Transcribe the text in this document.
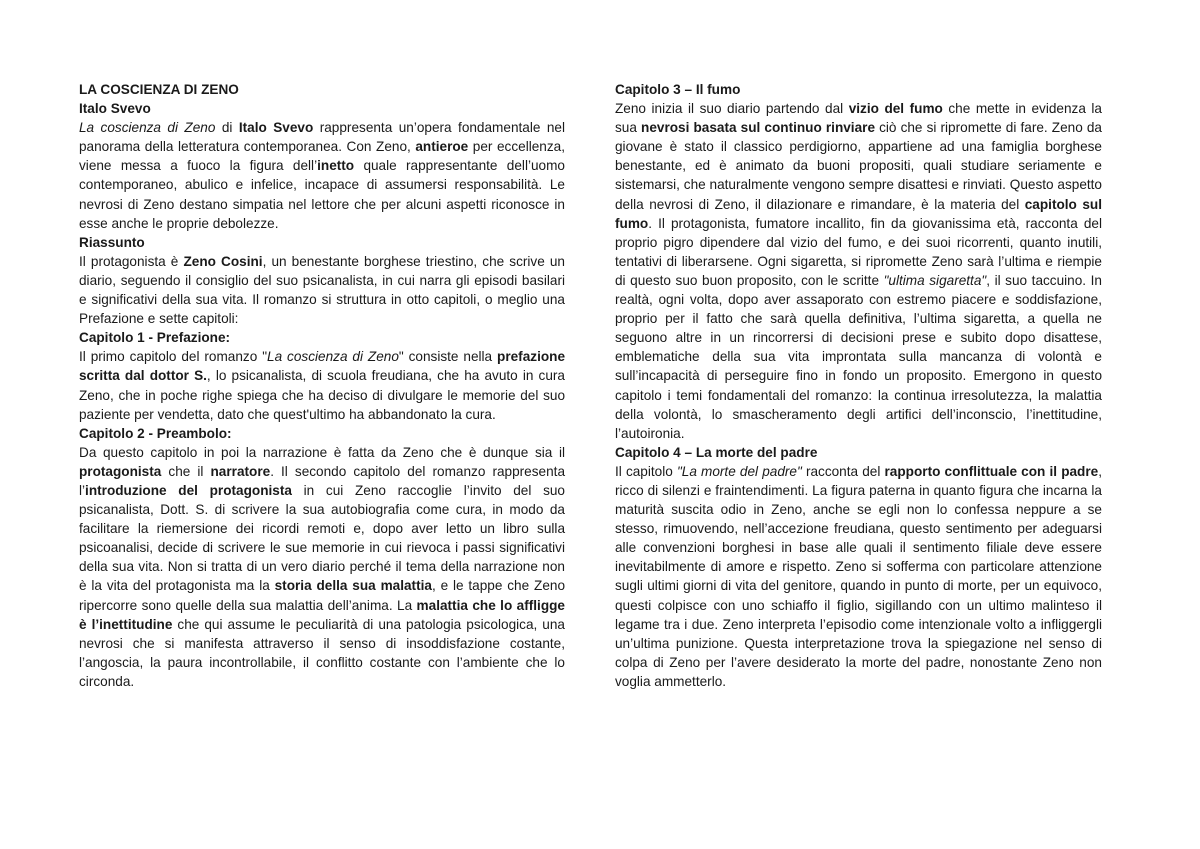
LA COSCIENZA DI ZENO
Italo Svevo

La coscienza di Zeno di Italo Svevo rappresenta un’opera fondamentale nel panorama della letteratura contemporanea. Con Zeno, antieroe per eccellenza, viene messa a fuoco la figura dell’inetto quale rappresentante dell’uomo contemporaneo, abulico e infelice, incapace di assumersi responsabilità. Le nevrosi di Zeno destano simpatia nel lettore che per alcuni aspetti riconosce in esse anche le proprie debolezze.

Riassunto

Il protagonista è Zeno Cosini, un benestante borghese triestino, che scrive un diario, seguendo il consiglio del suo psicanalista, in cui narra gli episodi basilari e significativi della sua vita. Il romanzo si struttura in otto capitoli, o meglio una Prefazione e sette capitoli:

Capitolo 1 - Prefazione:

Il primo capitolo del romanzo "La coscienza di Zeno" consiste nella prefazione scritta dal dottor S., lo psicanalista, di scuola freudiana, che ha avuto in cura Zeno, che in poche righe spiega che ha deciso di divulgare le memorie del suo paziente per vendetta, dato che quest'ultimo ha abbandonato la cura.

Capitolo 2 - Preambolo:

Da questo capitolo in poi la narrazione è fatta da Zeno che è dunque sia il protagonista che il narratore. Il secondo capitolo del romanzo rappresenta l’introduzione del protagonista in cui Zeno raccoglie l’invito del suo psicanalista, Dott. S. di scrivere la sua autobiografia come cura, in modo da facilitare la riemersione dei ricordi remoti e, dopo aver letto un libro sulla psicoanalisi, decide di scrivere le sue memorie in cui rievoca i passi significativi della sua vita. Non si tratta di un vero diario perché il tema della narrazione non è la vita del protagonista ma la storia della sua malattia, e le tappe che Zeno ripercorre sono quelle della sua malattia dell’anima. La malattia che lo affligge è l’inettitudine che qui assume le peculiarità di una patologia psicologica, una nevrosi che si manifesta attraverso il senso di insoddisfazione costante, l’angoscia, la paura incontrollabile, il conflitto costante con l’ambiente che lo circonda.

Capitolo 3 – Il fumo

Zeno inizia il suo diario partendo dal vizio del fumo che mette in evidenza la sua nevrosi basata sul continuo rinviare ciò che si ripromette di fare. Zeno da giovane è stato il classico perdigiorno, appartiene ad una famiglia borghese benestante, ed è animato da buoni propositi, quali studiare seriamente e sistemarsi, che naturalmente vengono sempre disattesi e rinviati. Questo aspetto della nevrosi di Zeno, il dilazionare e rimandare, è la materia del capitolo sul fumo. Il protagonista, fumatore incallito, fin da giovanissima età, racconta del proprio pigro dipendere dal vizio del fumo, e dei suoi ricorrenti, quanto inutili, tentativi di liberarsene. Ogni sigaretta, si ripromette Zeno sarà l’ultima e riempie di questo suo buon proposito, con le scritte "ultima sigaretta", il suo taccuino. In realtà, ogni volta, dopo aver assaporato con estremo piacere e soddisfazione, proprio per il fatto che sarà quella definitiva, l’ultima sigaretta, a quella ne seguono altre in un rincorrersi di decisioni prese e subito dopo disattese, emblematiche della sua vita improntata sulla mancanza di volontà e sull’incapacità di perseguire fino in fondo un proposito. Emergono in questo capitolo i temi fondamentali del romanzo: la continua irresolutezza, la malattia della volontà, lo smascheramento degli artifici dell’inconscio, l’inettitudine, l’autoironia.

Capitolo 4 – La morte del padre

Il capitolo "La morte del padre" racconta del rapporto conflittuale con il padre, ricco di silenzi e fraintendimenti. La figura paterna in quanto figura che incarna la maturità suscita odio in Zeno, anche se egli non lo confessa neppure a se stesso, rimuovendo, nell’accezione freudiana, questo sentimento per adeguarsi alle convenzioni borghesi in base alle quali il sentimento filiale deve essere inevitabilmente di amore e rispetto. Zeno si sofferma con particolare attenzione sugli ultimi giorni di vita del genitore, quando in punto di morte, per un equivoco, questi colpisce con uno schiaffo il figlio, sigillando con un ultimo malinteso il legame tra i due. Zeno interpreta l’episodio come intenzionale volto a infliggergli un’ultima punizione. Questa interpretazione trova la spiegazione nel senso di colpa di Zeno per l’avere desiderato la morte del padre, nonostante Zeno non voglia ammetterlo.
